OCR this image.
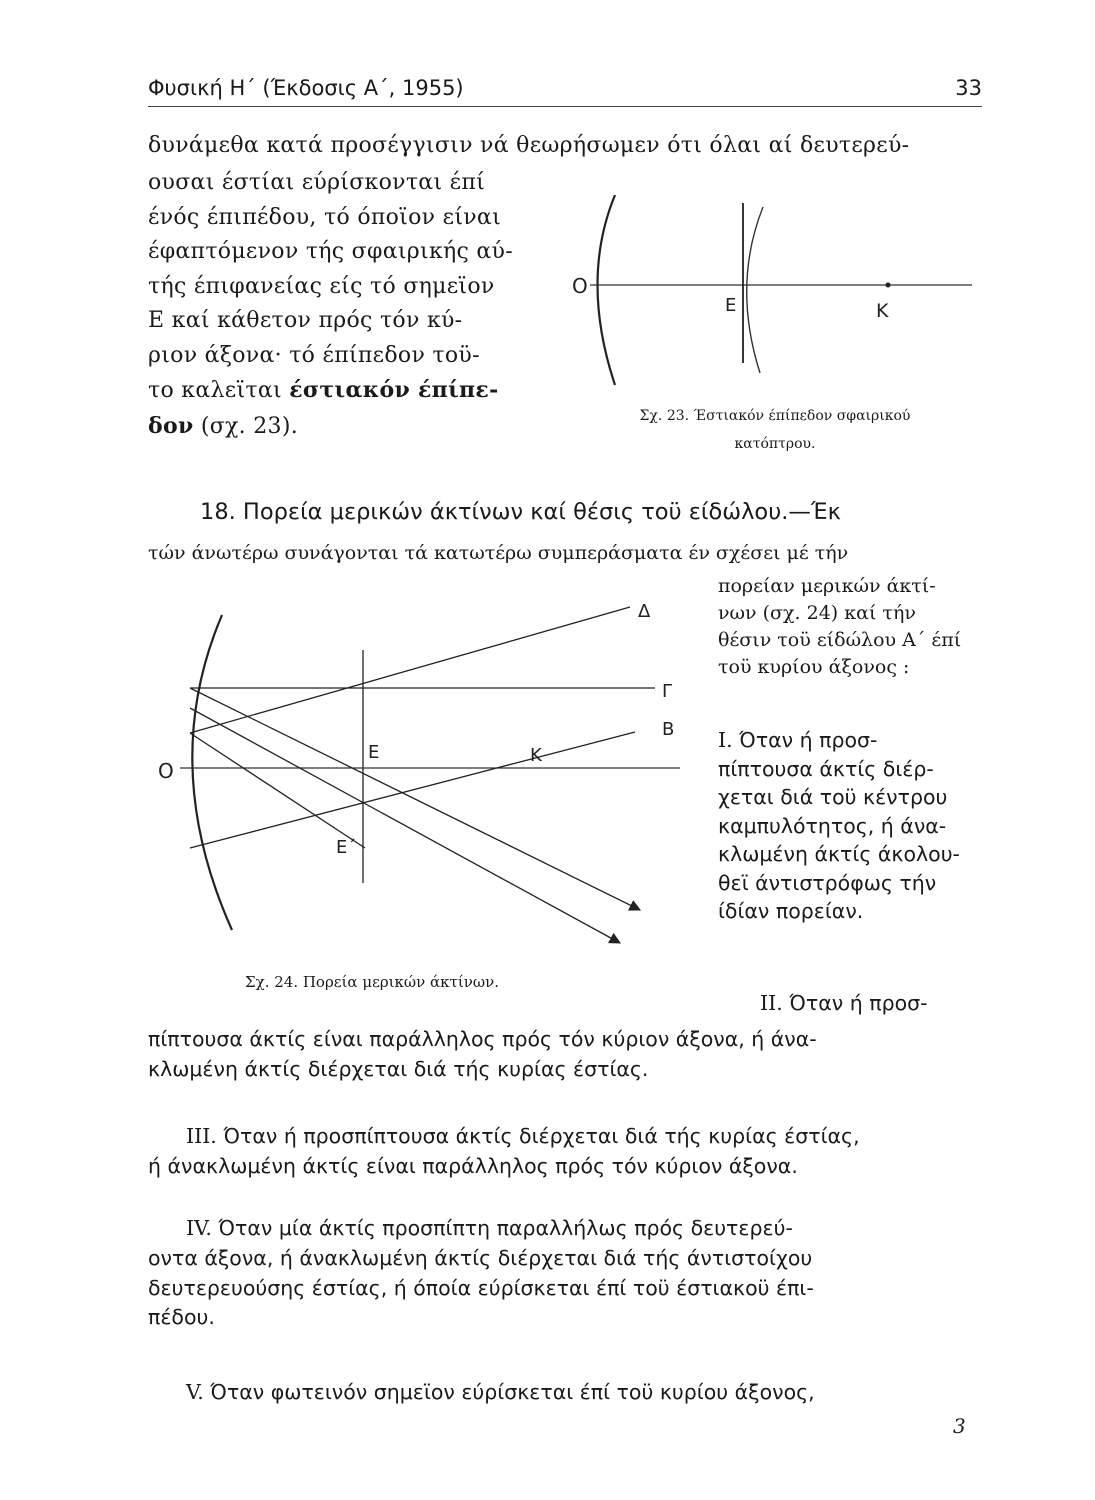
Φυσική Η΄ (Έκδοσις Α΄, 1955)	33
δυνάμεθα κατά προσέγγισιν νά θεωρήσωμεν ότι όλαι αί δευτερεύ-
ουσαι έστίαι εύρίσκονται έπί
ένός έπιπέδου, τό όποϊον είναι
έφαπτόμενον τής σφαιρικής αύ-
τής έπιφανείας είς τό σημεϊον
Ε καί κάθετον πρός τόν κύ-
ριον άξονα· τό έπίπεδον τοϋ-
το καλεϊται έστιακόν έπίπε-
δον (σχ. 23).
O
E	K
Σχ. 23. Έστιακόν έπίπεδον σφαιρικού
κατόπτρου.
18. Πορεία μερικών άκτίνων καί θέσις τοϋ είδώλου.—Έκ
τών άνωτέρω συνάγονται τά κατωτέρω συμπεράσματα έν σχέσει μέ τήν
πορείαν μερικών άκτί-
νων (σχ. 24) καί τήν
θέσιν τοϋ είδώλου Α΄ έπί
τοϋ κυρίου άξονος :
O
E	K
E΄
Δ
Γ
B
Σχ. 24. Πορεία μερικών άκτίνων.
I. Όταν ή προσ-
πίπτουσα άκτίς διέρ-
χεται διά τοϋ κέντρου
καμπυλότητος, ή άνα-
κλωμένη άκτίς άκολου-
θεϊ άντιστρόφως τήν
ίδίαν πορείαν.
II. Όταν ή προσ-
πίπτουσα άκτίς είναι παράλληλος πρός τόν κύριον άξονα, ή άνα-
κλωμένη άκτίς διέρχεται διά τής κυρίας έστίας.
III. Όταν ή προσπίπτουσα άκτίς διέρχεται διά τής κυρίας έστίας,
ή άνακλωμένη άκτίς είναι παράλληλος πρός τόν κύριον άξονα.
IV. Όταν μία άκτίς προσπίπτη παραλλήλως πρός δευτερεύ-
οντα άξονα, ή άνακλωμένη άκτίς διέρχεται διά τής άντιστοίχου
δευτερευούσης έστίας, ή όποία εύρίσκεται έπί τοϋ έστιακοϋ έπι-
πέδου.
V. Όταν φωτεινόν σημεϊον εύρίσκεται έπί τοϋ κυρίου άξονος,
3
